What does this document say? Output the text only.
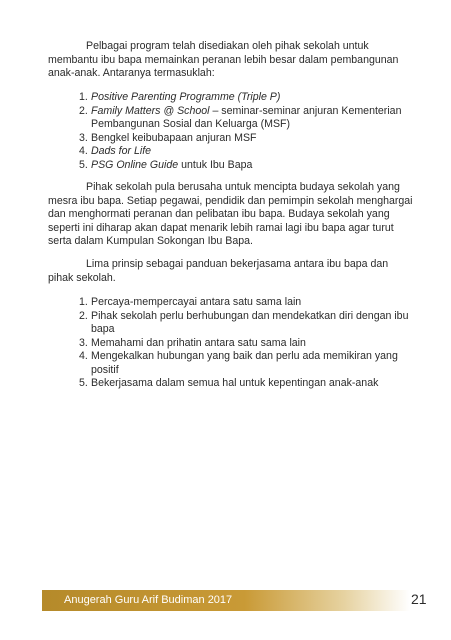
Pelbagai program telah disediakan oleh pihak sekolah untuk

membantu ibu bapa memainkan peranan lebih besar dalam pembangunan

anak-anak. Antaranya termasuklah:

1. Positive Parenting Programme (Triple P)
2. Family Matters @ School – seminar-seminar anjuran Kementerian Pembangunan Sosial dan Keluarga (MSF)
3. Bengkel keibubapaan anjuran MSF
4. Dads for Life
5. PSG Online Guide untuk Ibu Bapa

Pihak sekolah pula berusaha untuk mencipta budaya sekolah yang

mesra ibu bapa. Setiap pegawai, pendidik dan pemimpin sekolah menghargai

dan menghormati peranan dan pelibatan ibu bapa. Budaya sekolah yang

seperti ini diharap akan dapat menarik lebih ramai lagi ibu bapa agar turut

serta dalam Kumpulan Sokongan Ibu Bapa.

Lima prinsip sebagai panduan bekerjasama antara ibu bapa dan

pihak sekolah.

1. Percaya-mempercayai antara satu sama lain
2. Pihak sekolah perlu berhubungan dan mendekatkan diri dengan ibu bapa
3. Memahami dan prihatin antara satu sama lain
4. Mengekalkan hubungan yang baik dan perlu ada memikiran yang positif
5. Bekerjasama dalam semua hal untuk kepentingan anak-anak
Anugerah Guru Arif Budiman 2017	21
